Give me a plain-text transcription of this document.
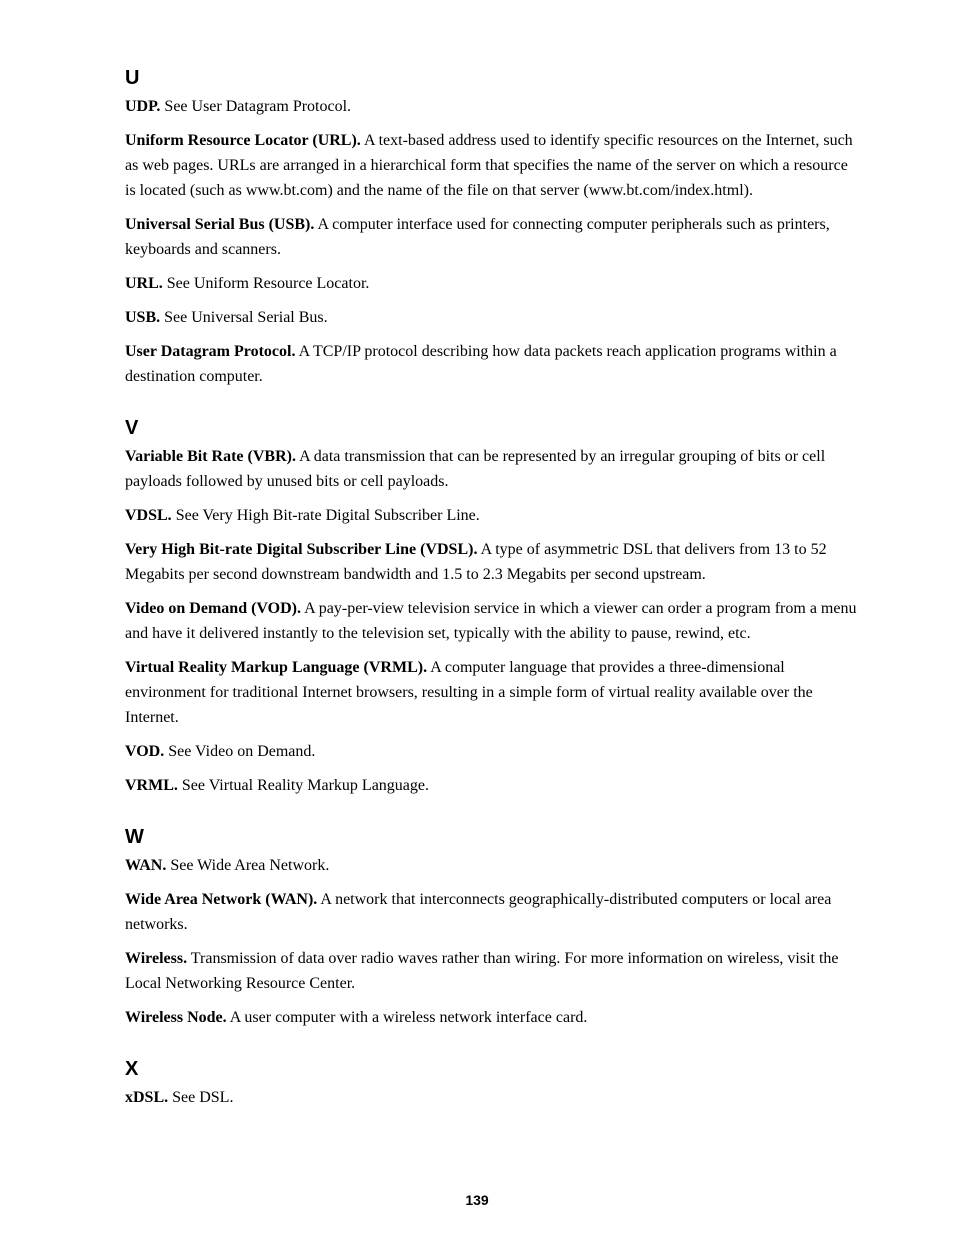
U

UDP. See User Datagram Protocol.

Uniform Resource Locator (URL). A text-based address used to identify specific resources on the Internet, such as web pages. URLs are arranged in a hierarchical form that specifies the name of the server on which a resource is located (such as www.bt.com) and the name of the file on that server (www.bt.com/index.html).

Universal Serial Bus (USB). A computer interface used for connecting computer peripherals such as printers, keyboards and scanners.

URL. See Uniform Resource Locator.

USB. See Universal Serial Bus.

User Datagram Protocol. A TCP/IP protocol describing how data packets reach application programs within a destination computer.

V

Variable Bit Rate (VBR). A data transmission that can be represented by an irregular grouping of bits or cell payloads followed by unused bits or cell payloads.

VDSL. See Very High Bit-rate Digital Subscriber Line.

Very High Bit-rate Digital Subscriber Line (VDSL). A type of asymmetric DSL that delivers from 13 to 52 Megabits per second downstream bandwidth and 1.5 to 2.3 Megabits per second upstream.

Video on Demand (VOD). A pay-per-view television service in which a viewer can order a program from a menu and have it delivered instantly to the television set, typically with the ability to pause, rewind, etc.

Virtual Reality Markup Language (VRML). A computer language that provides a three-dimensional environment for traditional Internet browsers, resulting in a simple form of virtual reality available over the Internet.

VOD. See Video on Demand.

VRML. See Virtual Reality Markup Language.

W

WAN. See Wide Area Network.

Wide Area Network (WAN). A network that interconnects geographically-distributed computers or local area networks.

Wireless. Transmission of data over radio waves rather than wiring. For more information on wireless, visit the Local Networking Resource Center.

Wireless Node. A user computer with a wireless network interface card.

X

xDSL. See DSL.

139
